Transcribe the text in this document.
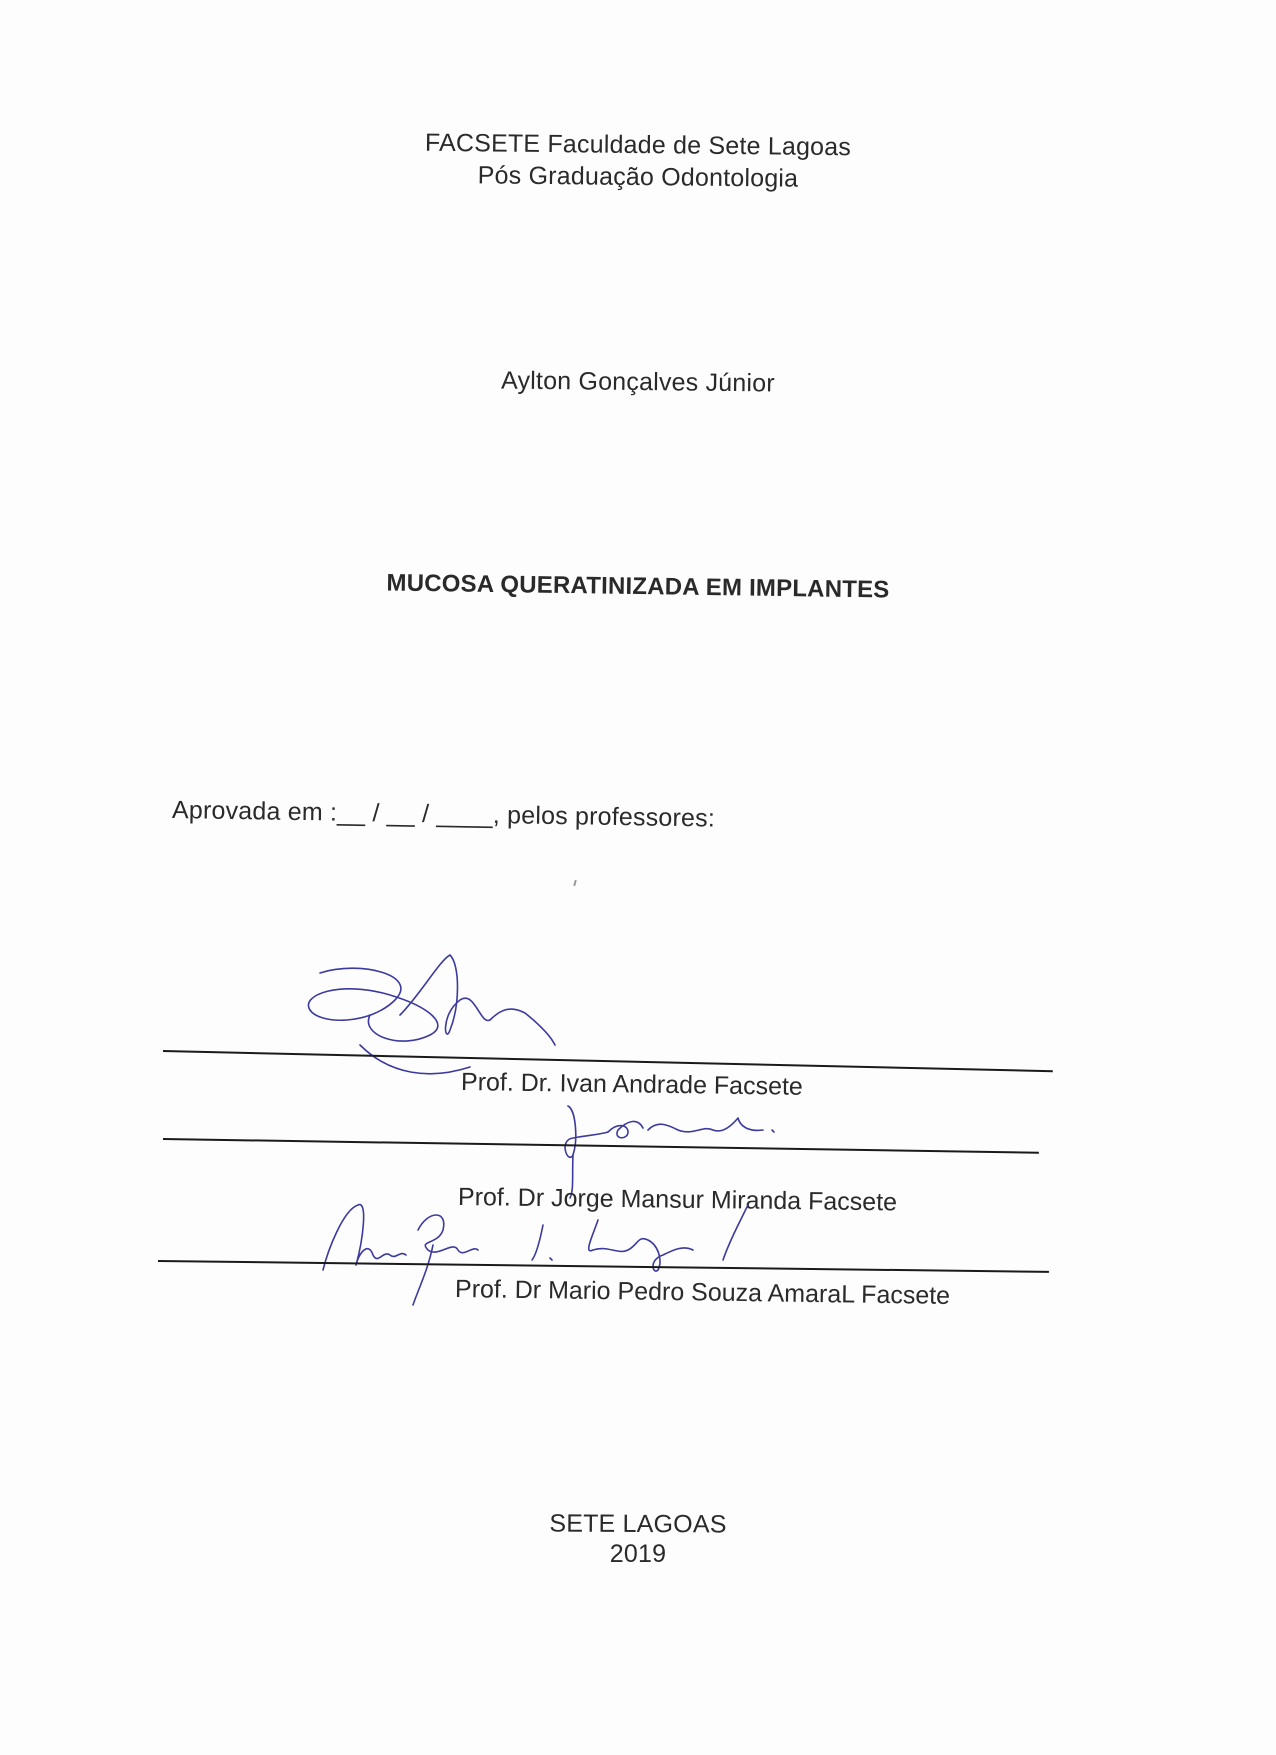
FACSETE Faculdade de Sete Lagoas
Pós Graduação Odontologia
Aylton Gonçalves Júnior
MUCOSA QUERATINIZADA EM IMPLANTES
Aprovada em :__ / __ / ____, pelos professores:
Prof. Dr. Ivan Andrade Facsete
Prof. Dr Jorge Mansur Miranda Facsete
Prof. Dr Mario Pedro Souza AmaraL Facsete
SETE LAGOAS
2019
